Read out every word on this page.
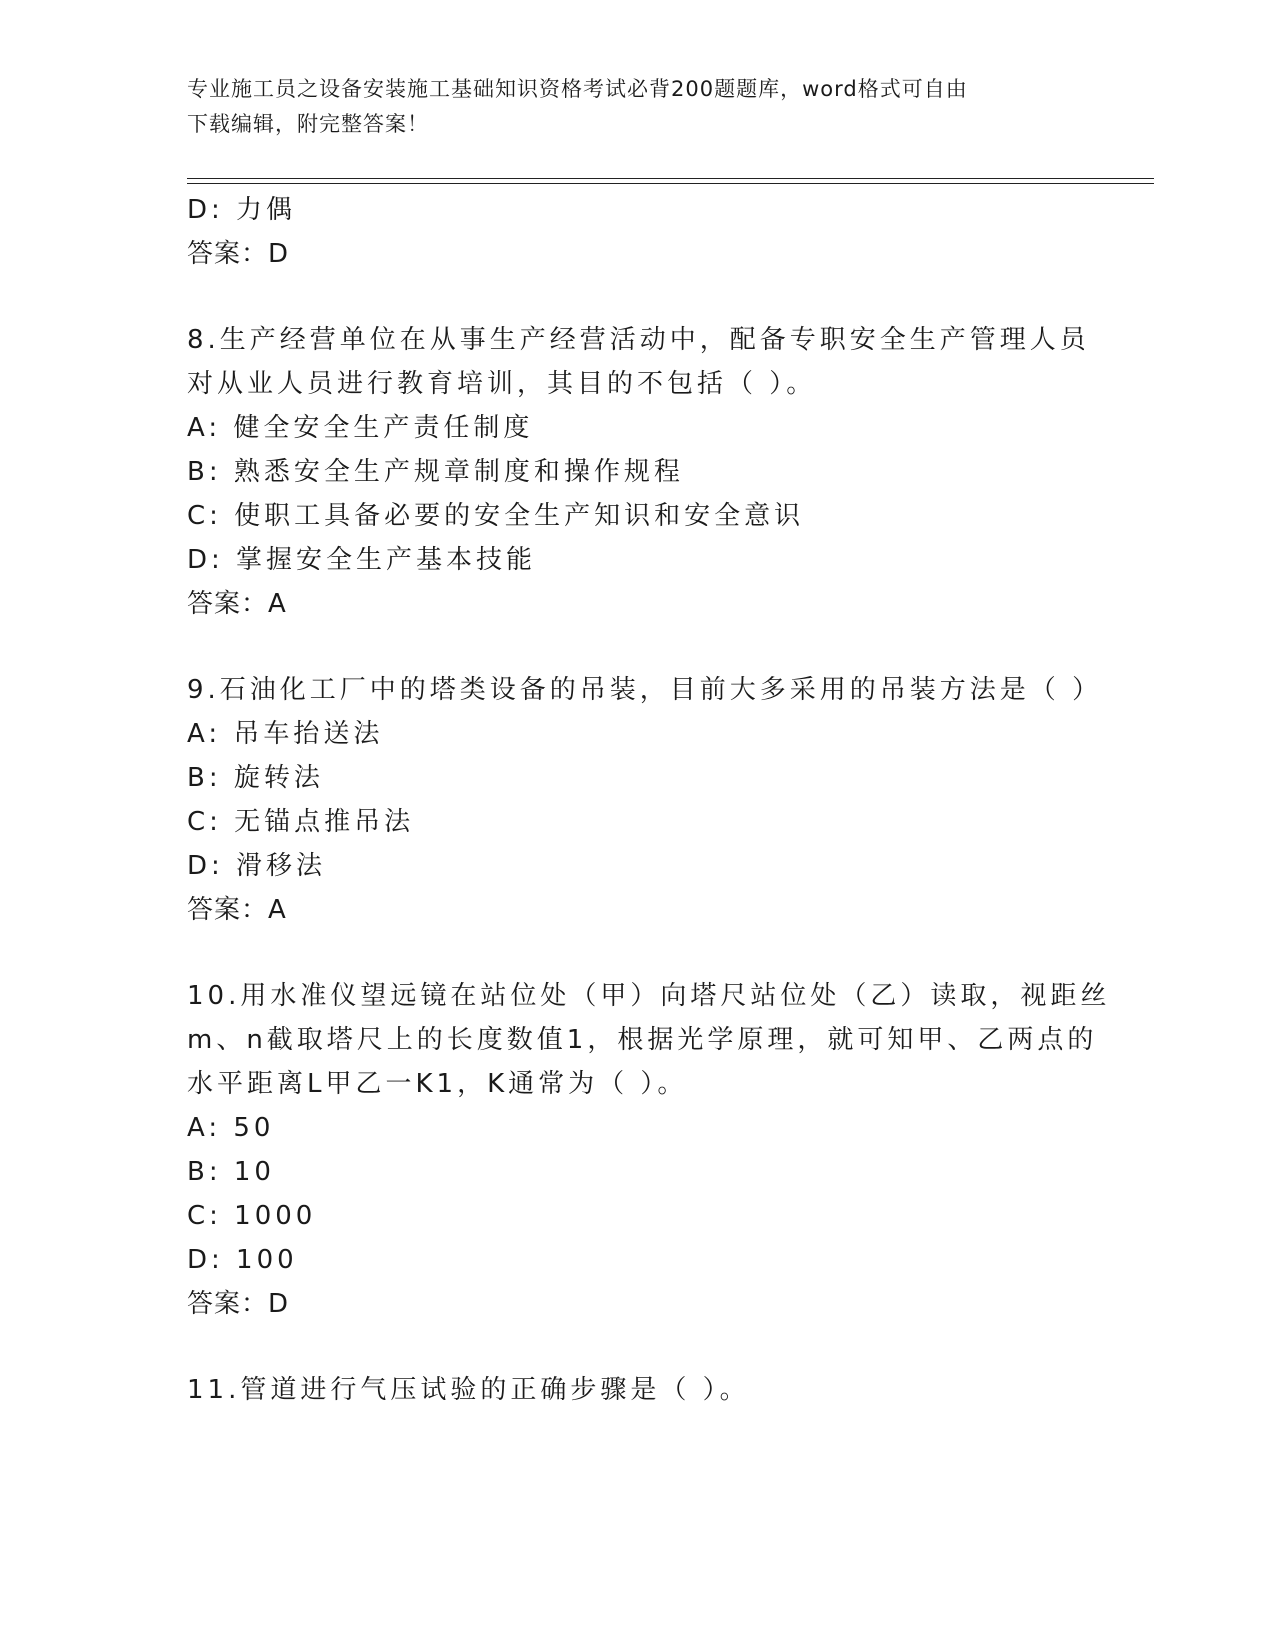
专业施工员之设备安装施工基础知识资格考试必背200题题库，word格式可自由
下载编辑，附完整答案！
D: 力偶
答案：D
8.生产经营单位在从事生产经营活动中，配备专职安全生产管理人员
对从业人员进行教育培训，其目的不包括（ ）。
A: 健全安全生产责任制度
B: 熟悉安全生产规章制度和操作规程
C: 使职工具备必要的安全生产知识和安全意识
D: 掌握安全生产基本技能
答案：A
9.石油化工厂中的塔类设备的吊装，目前大多采用的吊装方法是（ ）
A: 吊车抬送法
B: 旋转法
C: 无锚点推吊法
D: 滑移法
答案：A
10.用水准仪望远镜在站位处（甲）向塔尺站位处（乙）读取，视距丝
m、n截取塔尺上的长度数值1，根据光学原理，就可知甲、乙两点的
水平距离L甲乙一K1，K通常为（ ）。
A: 50
B: 10
C: 1000
D: 100
答案：D
11.管道进行气压试验的正确步骤是（ ）。
